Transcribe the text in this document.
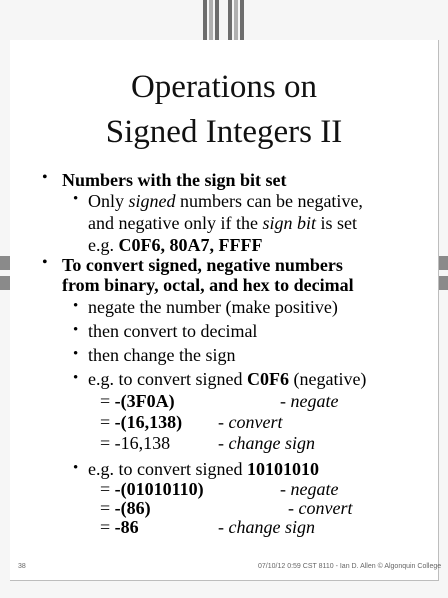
Operations on
Signed Integers II
• Numbers with the sign bit set
• Only signed numbers can be negative,
and negative only if the sign bit is set
e.g. C0F6, 80A7, FFFF
• To convert signed, negative numbers
from binary, octal, and hex to decimal
• negate the number (make positive)
• then convert to decimal
• then change the sign
• e.g. to convert signed C0F6 (negative)
= -(3F0A)	- negate
= -(16,138) - convert
= -16,138	- change sign
• e.g. to convert signed 10101010
= -(01010110)	- negate
= -(86)	- convert
= -86	- change sign
38	07/10/12 0:59 CST 8110 - Ian D. Allen © Algonquin College
